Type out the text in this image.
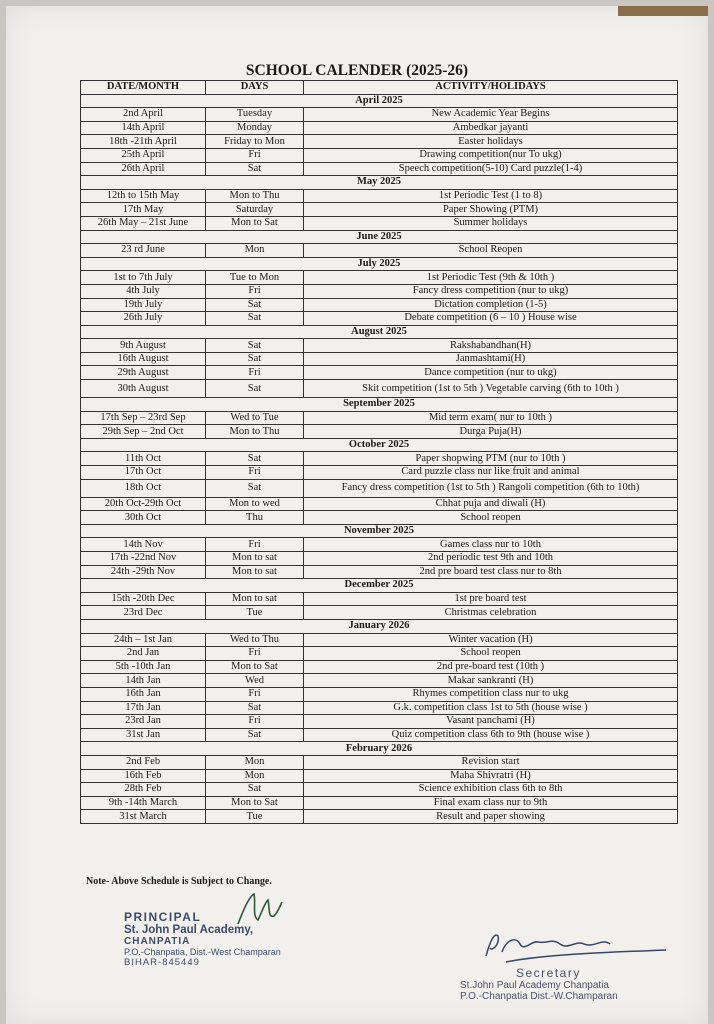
SCHOOL CALENDER (2025-26)
DATE/MONTH	DAYS	ACTIVITY/HOLIDAYS
April 2025		
2nd April	Tuesday	New Academic Year Begins
14th April	Monday	Ambedkar jayanti
18th -21th April	Friday to Mon	Easter holidays
25th April	Fri	Drawing competition(nur To ukg)
26th April	Sat	Speech competition(5-10) Card puzzle(1-4)
May 2025		
12th to 15th May	Mon to Thu	1st Periodic Test (1 to 8)
17th May	Saturday	Paper Showing (PTM)
26th May – 21st June	Mon to Sat	Summer holidays
June 2025		
23 rd June	Mon	School Reopen
July 2025		
1st to 7th July	Tue to Mon	1st Periodic Test (9th & 10th )
4th July	Fri	Fancy dress competition (nur to ukg)
19th July	Sat	Dictation completion (1-5)
26th July	Sat	Debate competition (6 – 10 ) House wise
August 2025		
9th August	Sat	Rakshabandhan(H)
16th August	Sat	Janmashtami(H)
29th August	Fri	Dance competition (nur to ukg)
30th August	Sat	Skit competition (1st to 5th ) Vegetable carving (6th to 10th )
September 2025		
17th Sep – 23rd Sep	Wed to Tue	Mid term exam( nur to 10th )
29th Sep – 2nd Oct	Mon to Thu	Durga Puja(H)
October 2025		
11th Oct	Sat	Paper shopwing PTM (nur to 10th )
17th Oct	Fri	Card puzzle class nur like fruit and animal
18th Oct	Sat	Fancy dress competition (1st to 5th ) Rangoli competition (6th to 10th)
20th Oct-29th Oct	Mon to wed	Chhat puja and diwali (H)
30th Oct	Thu	School reopen
November 2025		
14th Nov	Fri	Games class nur to 10th
17th -22nd Nov	Mon to sat	2nd periodic test 9th and 10th
24th -29th Nov	Mon to sat	2nd pre board test class nur to 8th
December 2025		
15th -20th Dec	Mon to sat	1st pre board test
23rd Dec	Tue	Christmas celebration
January 2026		
24th – 1st Jan	Wed to Thu	Winter vacation (H)
2nd Jan	Fri	School reopen
5th -10th Jan	Mon to Sat	2nd pre-board test (10th )
14th Jan	Wed	Makar sankranti (H)
16th Jan	Fri	Rhymes competition class nur to ukg
17th Jan	Sat	G.k. competition class 1st to 5th (house wise )
23rd Jan	Fri	Vasant panchami (H)
31st Jan	Sat	Quiz competition class 6th to 9th (house wise )
February 2026		
2nd Feb	Mon	Revision start
16th Feb	Mon	Maha Shivratri (H)
28th Feb	Sat	Science exhibition class 6th to 8th
9th -14th March	Mon to Sat	Final exam class nur to 9th
31st March	Tue	Result and paper showing
Note- Above Schedule is Subject to Change.
PRINCIPAL
St. John Paul Academy,
CHANPATIA
P.O.-Chanpatia, Dist.-West Champaran
BIHAR-845449
Secretary
St.John Paul Academy Chanpatia
P.O.-Chanpatia Dist.-W.Champaran
